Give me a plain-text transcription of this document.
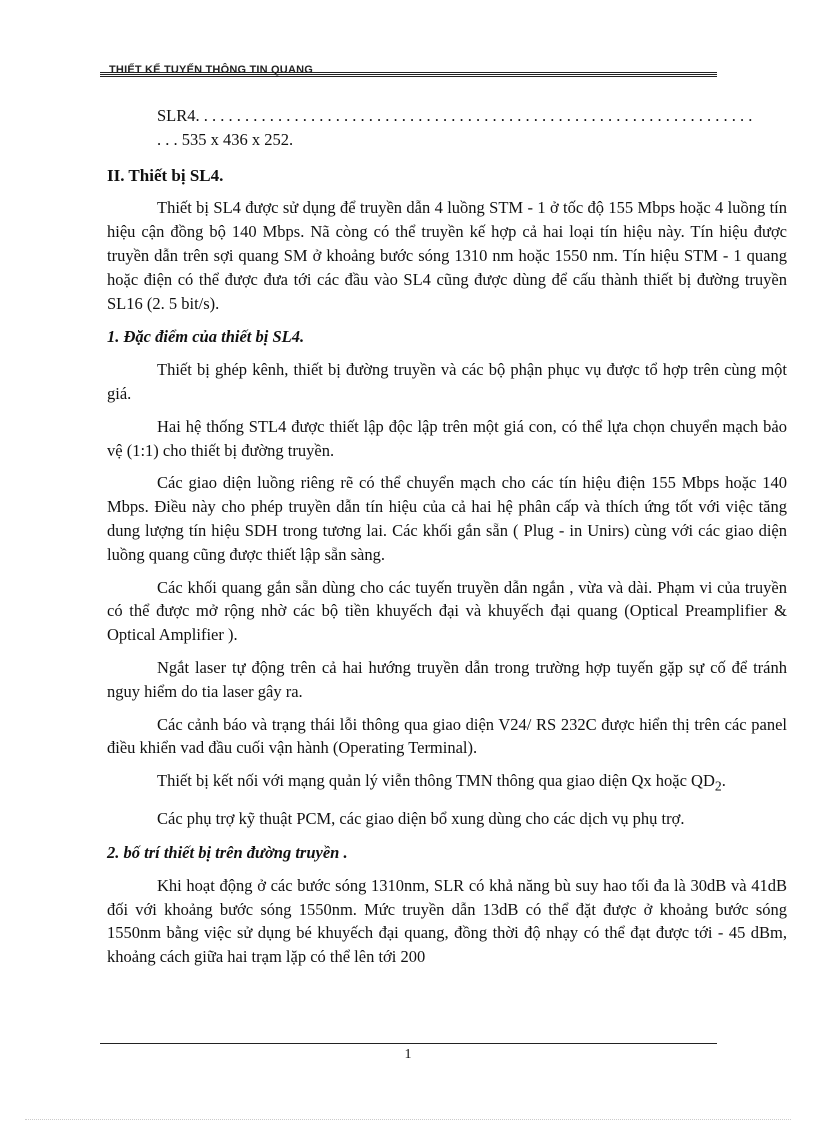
THIẾT KẾ TUYẾN THÔNG TIN QUANG

SLR4. . . . . . . . . . . . . . . . . . . . . . . . . . . . . . . . . . . . . . . . . . . . . . . . . . . . . . . . . . . . . . . . . . . .

. . . 535 x 436 x 252.

II. Thiết bị SL4.

Thiết bị SL4 được sử dụng để truyền dẫn 4 luồng STM - 1 ở tốc độ 155 Mbps hoặc 4 luồng tín hiệu cận đồng bộ 140 Mbps. Nã còng có thể truyền kế hợp cả hai loại tín hiệu này. Tín hiệu được truyền dẫn trên sợi quang SM ở khoảng bước sóng 1310 nm hoặc 1550 nm. Tín hiệu STM - 1 quang hoặc điện có thể được đưa tới các đầu vào SL4 cũng được dùng để cấu thành thiết bị đường truyền SL16 (2. 5 bit/s).

1. Đặc điểm của thiết bị SL4.

Thiết bị ghép kênh, thiết bị đường truyền và các bộ phận phục vụ được tổ hợp trên cùng một giá.

Hai hệ thống STL4 được thiết lập độc lập trên một giá con, có thể lựa chọn chuyển mạch bảo vệ (1:1) cho thiết bị đường truyền.

Các giao diện luồng riêng rẽ có thể chuyển mạch cho các tín hiệu điện 155 Mbps hoặc 140 Mbps. Điều này cho phép truyền dẫn tín hiệu của cả hai hệ phân cấp và thích ứng tốt với việc tăng dung lượng tín hiệu SDH trong tương lai. Các khối gắn sẵn ( Plug - in Unirs) cùng với các giao diện luồng quang cũng được thiết lập sẵn sàng.

Các khối quang gắn sẵn dùng cho các tuyến truyền dẫn ngắn , vừa và dài. Phạm vi của truyền có thể được mở rộng nhờ các bộ tiền khuyếch đại và khuyếch đại quang (Optical Preamplifier & Optical Amplifier ).

Ngắt laser tự động trên cả hai hướng truyền dẫn trong trường hợp tuyến gặp sự cố để tránh nguy hiểm do tia laser gây ra.

Các cảnh báo và trạng thái lỗi thông qua giao diện V24/ RS 232C được hiển thị trên các panel điều khiển vad đầu cuối vận hành (Operating Terminal).

Thiết bị kết nối với mạng quản lý viễn thông TMN thông qua giao diện Qx hoặc $QD_2$.

Các phụ trợ kỹ thuật PCM, các giao diện bổ xung dùng cho các dịch vụ phụ trợ.

2. bố trí thiết bị trên đường truyền .

Khi hoạt động ở các bước sóng 1310nm, SLR có khả năng bù suy hao tối đa là 30dB và 41dB đối với khoảng bước sóng 1550nm. Mức truyền dẫn 13dB có thể đặt được ở khoảng bước sóng 1550nm bằng việc sử dụng bé khuyếch đại quang, đồng thời độ nhạy có thể đạt được tới - 45 dBm, khoảng cách giữa hai trạm lặp có thể lên tới 200

1
